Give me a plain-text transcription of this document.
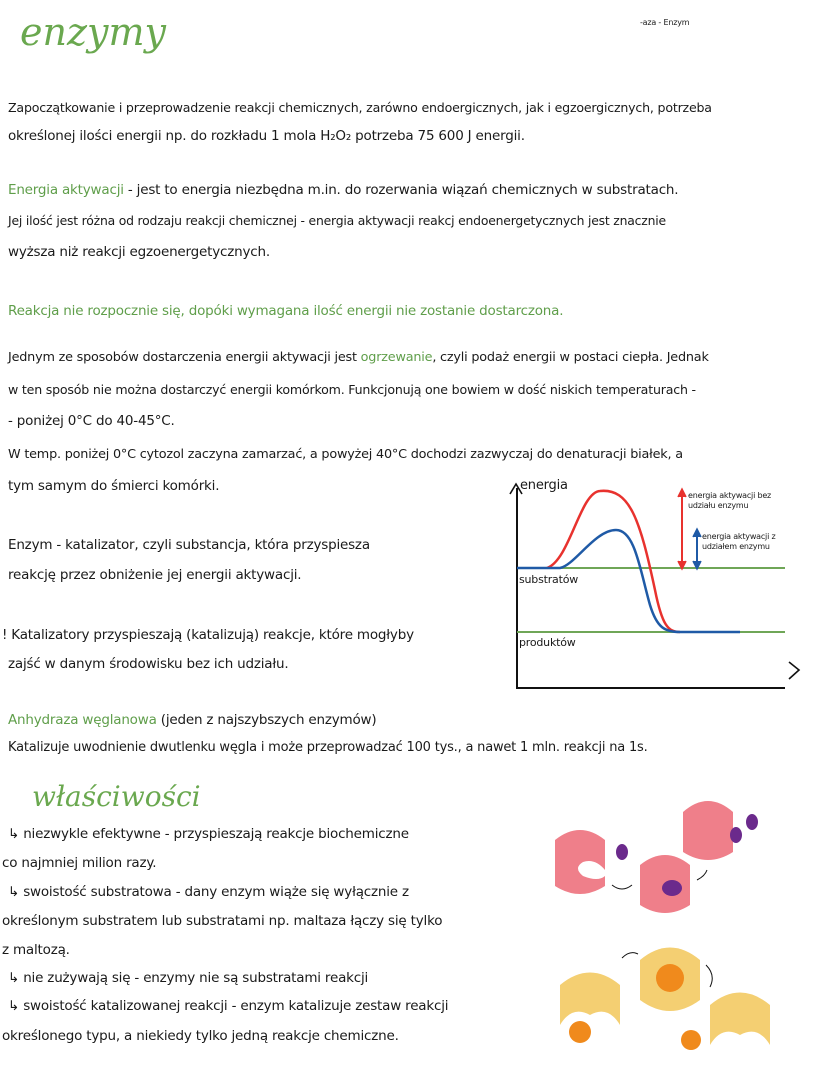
enzymy	-aza - Enzym
Zapoczątkowanie i przeprowadzenie reakcji chemicznych, zarówno endoergicznych, jak i egzoergicznych, potrzeba
określonej ilości energii np. do rozkładu 1 mola H₂O₂ potrzeba 75 600 J energii.
Energia aktywacji - jest to energia niezbędna m.in. do rozerwania wiązań chemicznych w substratach.
Jej ilość jest różna od rodzaju reakcji chemicznej - energia aktywacji reakcj endoenergetycznych jest znacznie
wyższa niż reakcji egzoenergetycznych.
Reakcja nie rozpocznie się, dopóki wymagana ilość energii nie zostanie dostarczona.
Jednym ze sposobów dostarczenia energii aktywacji jest ogrzewanie, czyli podaż energii w postaci ciepła. Jednak
w ten sposób nie można dostarczyć energii komórkom. Funkcjonują one bowiem w dość niskich temperaturach -
- poniżej 0°C do 40-45°C.
W temp. poniżej 0°C cytozol zaczyna zamarzać, a powyżej 40°C dochodzi zazwyczaj do denaturacji białek, a
tym samym do śmierci komórki.
Enzym - katalizator, czyli substancja, która przyspiesza
reakcję przez obniżenie jej energii aktywacji.
! Katalizatory przyspieszają (katalizują) reakcje, które mogłyby
zajść w danym środowisku bez ich udziału.
Anhydraza węglanowa (jeden z najszybszych enzymów)
Katalizuje uwodnienie dwutlenku węgla i może przeprowadzać 100 tys., a nawet 1 mln. reakcji na 1s.
właściwości
↳ niezwykle efektywne - przyspieszają reakcje biochemiczne
co najmniej milion razy.
↳ swoistość substratowa - dany enzym wiąże się wyłącznie z
określonym substratem lub substratami np. maltaza łączy się tylko
z maltozą.
↳ nie zużywają się - enzymy nie są substratami reakcji
↳ swoistość katalizowanej reakcji - enzym katalizuje zestaw reakcji
określonego typu, a niekiedy tylko jedną reakcje chemiczne.
energia
substratów
produktów
energia aktywacji bez
udziału enzymu
energia aktywacji z
udziałem enzymu
